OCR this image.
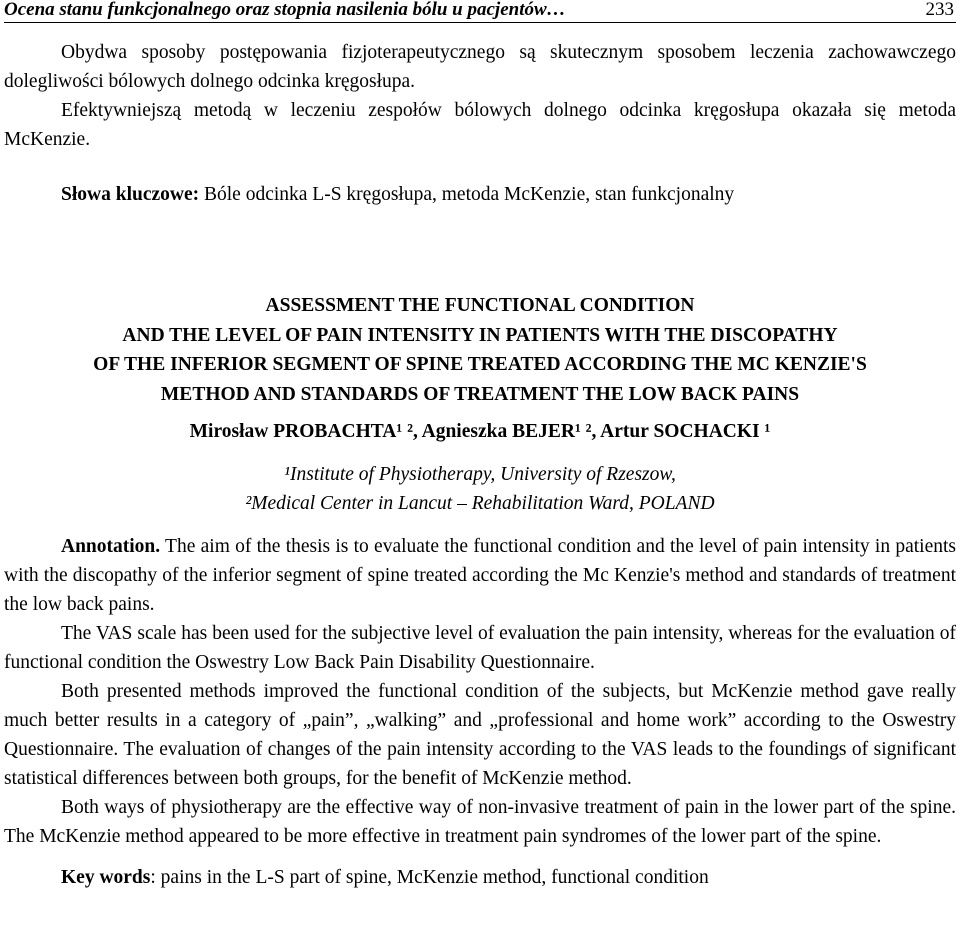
Ocena stanu funkcjonalnego oraz stopnia nasilenia bólu u pacjentów…	233

Obydwa sposoby postępowania fizjoterapeutycznego są skutecznym sposobem leczenia zachowawczego dolegliwości bólowych dolnego odcinka kręgosłupa.

Efektywniejszą metodą w leczeniu zespołów bólowych dolnego odcinka kręgosłupa okazała się metoda McKenzie.

Słowa kluczowe: Bóle odcinka L-S kręgosłupa, metoda McKenzie, stan funkcjonalny

ASSESSMENT THE FUNCTIONAL CONDITION
AND THE LEVEL OF PAIN INTENSITY IN PATIENTS WITH THE DISCOPATHY
OF THE INFERIOR SEGMENT OF SPINE TREATED ACCORDING THE MC KENZIE'S
METHOD AND STANDARDS OF TREATMENT THE LOW BACK PAINS
Mirosław PROBACHTA¹ ², Agnieszka BEJER¹ ², Artur SOCHACKI ¹
¹Institute of Physiotherapy, University of Rzeszow,
²Medical Center in Lancut – Rehabilitation Ward, POLAND

Annotation. The aim of the thesis is to evaluate the functional condition and the level of pain intensity in patients with the discopathy of the inferior segment of spine treated according the Mc Kenzie's method and standards of treatment the low back pains.

The VAS scale has been used for the subjective level of evaluation the pain intensity, whereas for the evaluation of functional condition the Oswestry Low Back Pain Disability Questionnaire.

Both presented methods improved the functional condition of the subjects, but McKenzie method gave really much better results in a category of „pain”, „walking” and „professional and home work” according to the Oswestry Questionnaire. The evaluation of changes of the pain intensity according to the VAS leads to the foundings of significant statistical differences between both groups, for the benefit of McKenzie method.

Both ways of physiotherapy are the effective way of non-invasive treatment of pain in the lower part of the spine. The McKenzie method appeared to be more effective in treatment pain syndromes of the lower part of the spine.

Key words: pains in the L-S part of spine, McKenzie method, functional condition
